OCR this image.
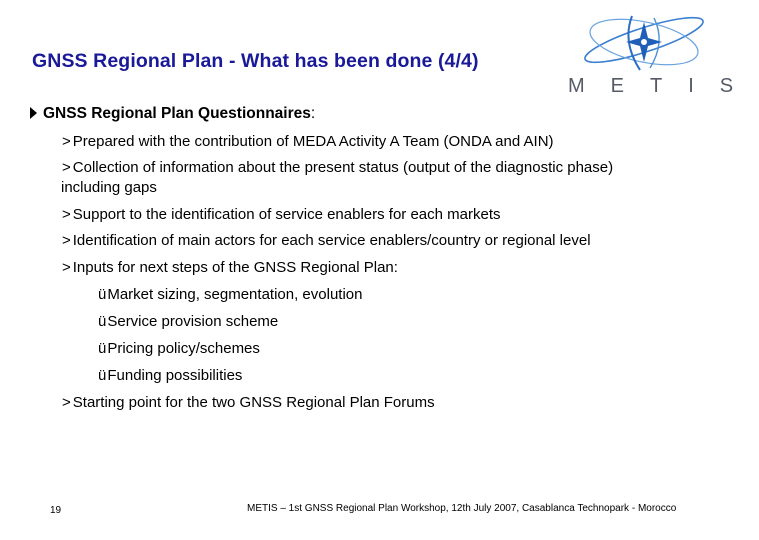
GNSS Regional Plan - What has been done (4/4)
METIS
GNSS Regional Plan Questionnaires:
> Prepared with the contribution of MEDA Activity A Team (ONDA and AIN)
> Collection of information about the present status (output of the diagnostic phase)
including gaps
> Support to the identification of service enablers for each markets
> Identification of main actors for each service enablers/country or regional level
> Inputs for next steps of the GNSS Regional Plan:
üMarket sizing, segmentation, evolution
üService provision scheme
üPricing policy/schemes
üFunding possibilities
> Starting point for the two GNSS Regional Plan Forums
19	METIS – 1st GNSS Regional Plan Workshop, 12th July 2007, Casablanca Technopark - Morocco
